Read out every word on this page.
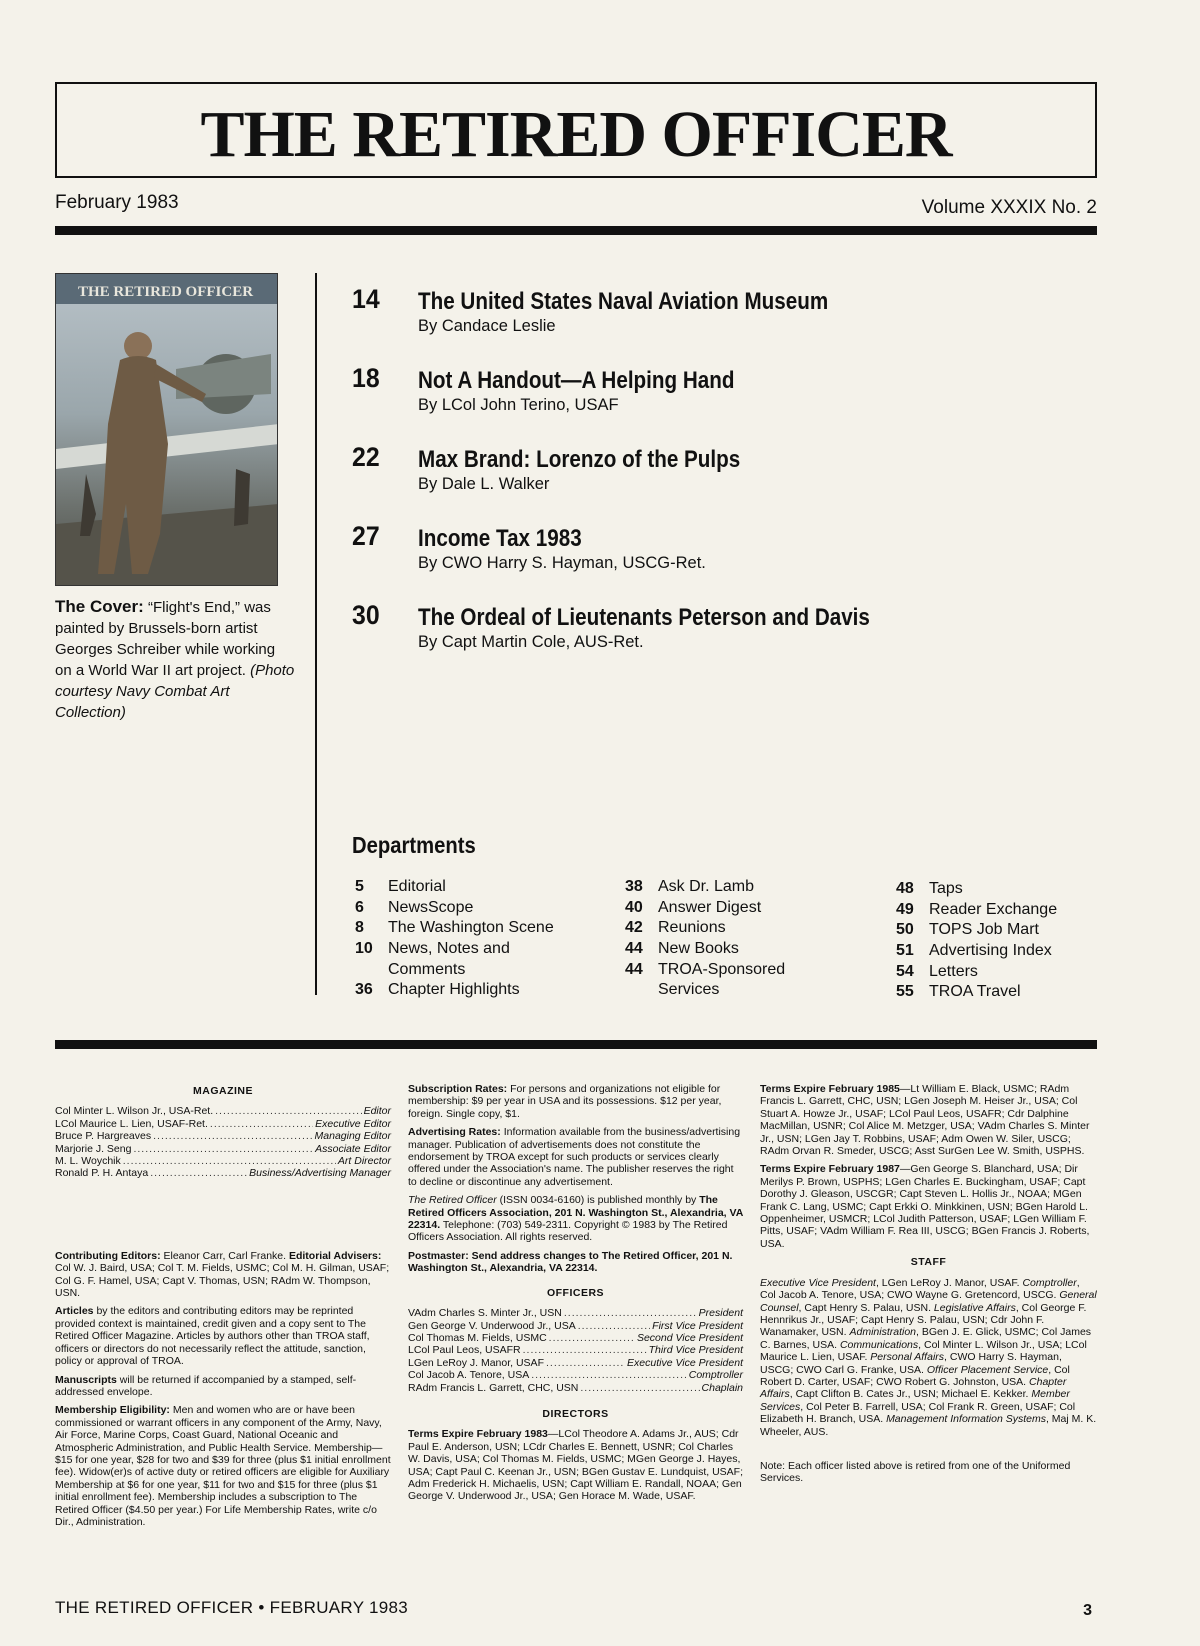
THE RETIRED OFFICER
February 1983	Volume XXXIX No. 2
THE RETIRED OFFICER
The Cover: “Flight's End,” was painted by Brussels-born artist Georges Schreiber while working on a World War II art project. (Photo courtesy Navy Combat Art Collection)
14 The United States Naval Aviation Museum
By Candace Leslie
18 Not A Handout—A Helping Hand
By LCol John Terino, USAF
22 Max Brand: Lorenzo of the Pulps
By Dale L. Walker
27 Income Tax 1983
By CWO Harry S. Hayman, USCG-Ret.
30 The Ordeal of Lieutenants Peterson and Davis
By Capt Martin Cole, AUS-Ret.
Departments
5 Editorial
6 NewsScope
8 The Washington Scene
10 News, Notes and
Comments
36 Chapter Highlights
38 Ask Dr. Lamb
40 Answer Digest
42 Reunions
44 New Books
44 TROA-Sponsored
Services
48 Taps
49 Reader Exchange
50 TOPS Job Mart
51 Advertising Index
54 Letters
55 TROA Travel
MAGAZINE
Col Minter L. Wilson Jr., USA-Ret. .....	Editor
LCol Maurice L. Lien, USAF-Ret. .....	Executive Editor
Bruce P. Hargreaves .....	Managing Editor
Marjorie J. Seng .....	Associate Editor
M. L. Woychik .....	Art Director
Ronald P. H. Antaya .....	Business/Advertising Manager

Contributing Editors: Eleanor Carr, Carl Franke. Editorial Advisers: Col W. J. Baird, USA; Col T. M. Fields, USMC; Col M. H. Gilman, USAF; Col G. F. Hamel, USA; Capt V. Thomas, USN; RAdm W. Thompson, USN.

Articles by the editors and contributing editors may be reprinted provided context is maintained, credit given and a copy sent to The Retired Officer Magazine. Articles by authors other than TROA staff, officers or directors do not necessarily reflect the attitude, sanction, policy or approval of TROA.

Manuscripts will be returned if accompanied by a stamped, self-addressed envelope.

Membership Eligibility: Men and women who are or have been commissioned or warrant officers in any component of the Army, Navy, Air Force, Marine Corps, Coast Guard, National Oceanic and Atmospheric Administration, and Public Health Service. Membership—$15 for one year, $28 for two and $39 for three (plus $1 initial enrollment fee). Widow(er)s of active duty or retired officers are eligible for Auxiliary Membership at $6 for one year, $11 for two and $15 for three (plus $1 initial enrollment fee). Membership includes a subscription to The Retired Officer ($4.50 per year.) For Life Membership Rates, write c/o Dir., Administration.

Subscription Rates: For persons and organizations not eligible for membership: $9 per year in USA and its possessions. $12 per year, foreign. Single copy, $1.

Advertising Rates: Information available from the business/advertising manager. Publication of advertisements does not constitute the endorsement by TROA except for such products or services clearly offered under the Association's name. The publisher reserves the right to decline or discontinue any advertisement.

The Retired Officer (ISSN 0034-6160) is published monthly by The Retired Officers Association, 201 N. Washington St., Alexandria, VA 22314. Telephone: (703) 549-2311. Copyright © 1983 by The Retired Officers Association. All rights reserved.

Postmaster: Send address changes to The Retired Officer, 201 N. Washington St., Alexandria, VA 22314.

OFFICERS
VAdm Charles S. Minter Jr., USN .....	President
Gen George V. Underwood Jr., USA .....	First Vice President
Col Thomas M. Fields, USMC .....	Second Vice President
LCol Paul Leos, USAFR .....	Third Vice President
LGen LeRoy J. Manor, USAF .....	Executive Vice President
Col Jacob A. Tenore, USA .....	Comptroller
RAdm Francis L. Garrett, CHC, USN .....	Chaplain
DIRECTORS

Terms Expire February 1983—LCol Theodore A. Adams Jr., AUS; Cdr Paul E. Anderson, USN; LCdr Charles E. Bennett, USNR; Col Charles W. Davis, USA; Col Thomas M. Fields, USMC; MGen George J. Hayes, USA; Capt Paul C. Keenan Jr., USN; BGen Gustav E. Lundquist, USAF; Adm Frederick H. Michaelis, USN; Capt William E. Randall, NOAA; Gen George V. Underwood Jr., USA; Gen Horace M. Wade, USAF.

Terms Expire February 1985—Lt William E. Black, USMC; RAdm Francis L. Garrett, CHC, USN; LGen Joseph M. Heiser Jr., USA; Col Stuart A. Howze Jr., USAF; LCol Paul Leos, USAFR; Cdr Dalphine MacMillan, USNR; Col Alice M. Metzger, USA; VAdm Charles S. Minter Jr., USN; LGen Jay T. Robbins, USAF; Adm Owen W. Siler, USCG; RAdm Orvan R. Smeder, USCG; Asst SurGen Lee W. Smith, USPHS.

Terms Expire February 1987—Gen George S. Blanchard, USA; Dir Merilys P. Brown, USPHS; LGen Charles E. Buckingham, USAF; Capt Dorothy J. Gleason, USCGR; Capt Steven L. Hollis Jr., NOAA; MGen Frank C. Lang, USMC; Capt Erkki O. Minkkinen, USN; BGen Harold L. Oppenheimer, USMCR; LCol Judith Patterson, USAF; LGen William F. Pitts, USAF; VAdm William F. Rea III, USCG; BGen Francis J. Roberts, USA.

STAFF

Executive Vice President, LGen LeRoy J. Manor, USAF. Comptroller, Col Jacob A. Tenore, USA; CWO Wayne G. Gretencord, USCG. General Counsel, Capt Henry S. Palau, USN. Legislative Affairs, Col George F. Hennrikus Jr., USAF; Capt Henry S. Palau, USN; Cdr John F. Wanamaker, USN. Administration, BGen J. E. Glick, USMC; Col James C. Barnes, USA. Communications, Col Minter L. Wilson Jr., USA; LCol Maurice L. Lien, USAF. Personal Affairs, CWO Harry S. Hayman, USCG; CWO Carl G. Franke, USA. Officer Placement Service, Col Robert D. Carter, USAF; CWO Robert G. Johnston, USA. Chapter Affairs, Capt Clifton B. Cates Jr., USN; Michael E. Kekker. Member Services, Col Peter B. Farrell, USA; Col Frank R. Green, USAF; Col Elizabeth H. Branch, USA. Management Information Systems, Maj M. K. Wheeler, AUS.

Note: Each officer listed above is retired from one of the Uniformed Services.

THE RETIRED OFFICER • FEBRUARY 1983	3
